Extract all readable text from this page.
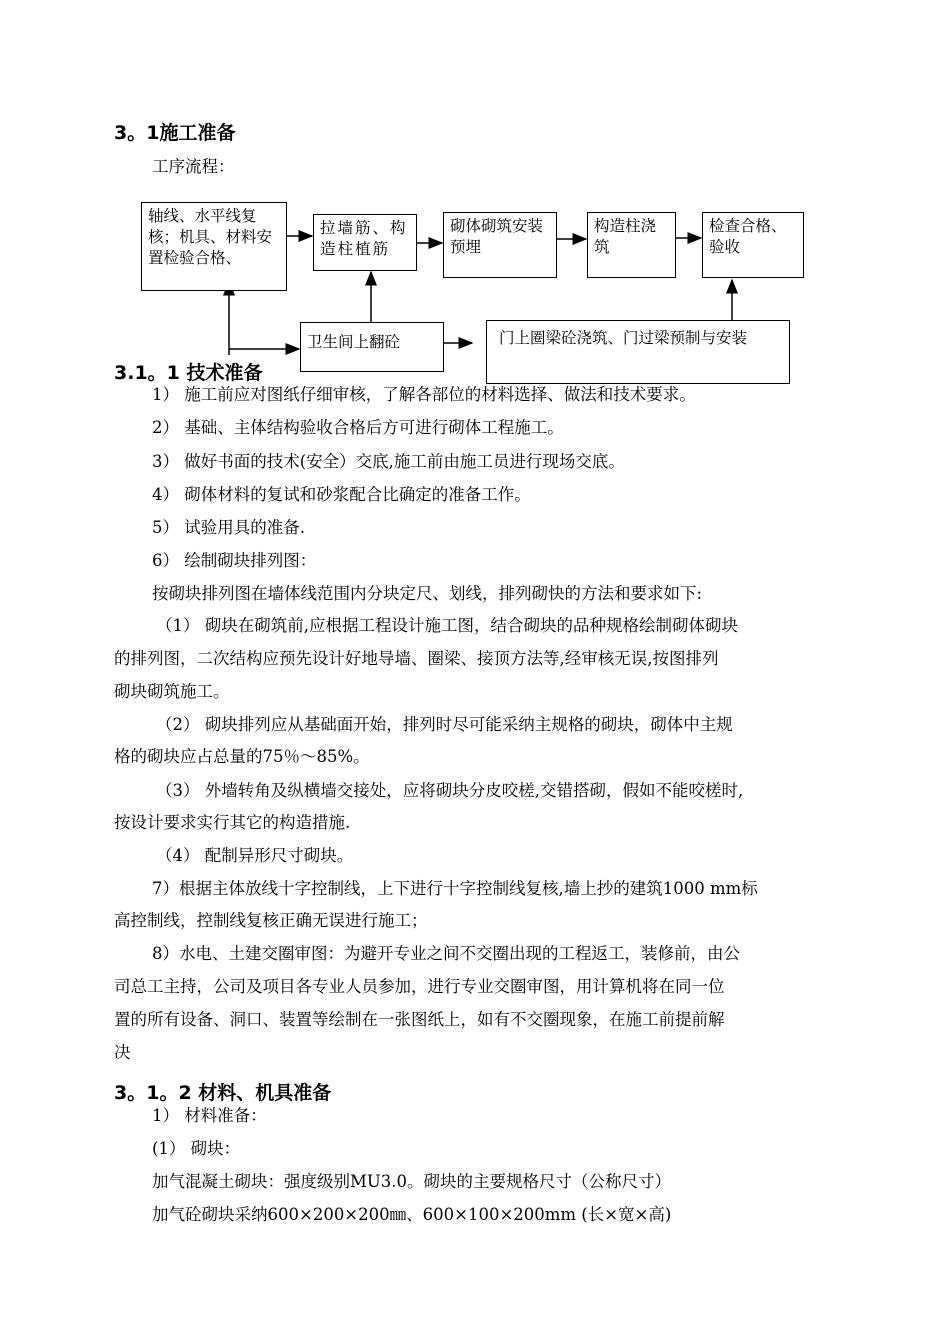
3。1施工准备
工序流程：
轴线、水平线复核；机具、材料安置检验合格、
拉墙筋、构造柱植筋
砌体砌筑安装预埋
构造柱浇筑
检查合格、验收
卫生间上翻砼	门上圈梁砼浇筑、门过梁预制与安装
3.1。1 技术准备
1） 施工前应对图纸仔细审核，了解各部位的材料选择、做法和技术要求。
2） 基础、主体结构验收合格后方可进行砌体工程施工。
3） 做好书面的技术(安全）交底,施工前由施工员进行现场交底。
4） 砌体材料的复试和砂浆配合比确定的准备工作。
5） 试验用具的准备.
6） 绘制砌块排列图：
按砌块排列图在墙体线范围内分块定尺、划线，排列砌快的方法和要求如下:
（1） 砌块在砌筑前,应根据工程设计施工图，结合砌块的品种规格绘制砌体砌块
的排列图，二次结构应预先设计好地导墙、圈梁、接顶方法等,经审核无误,按图排列
砌块砌筑施工。
（2） 砌块排列应从基础面开始，排列时尽可能采纳主规格的砌块，砌体中主规
格的砌块应占总量的75％～85%。
（3） 外墙转角及纵横墙交接处，应将砌块分皮咬槎,交错搭砌，假如不能咬槎时,
按设计要求实行其它的构造措施.
（4） 配制异形尺寸砌块。
7）根据主体放线十字控制线，上下进行十字控制线复核,墙上抄的建筑1000 mm标
高控制线，控制线复核正确无误进行施工；
8）水电、土建交圈审图：为避开专业之间不交圈出现的工程返工，装修前，由公
司总工主持，公司及项目各专业人员参加，进行专业交圈审图，用计算机将在同一位
置的所有设备、洞口、装置等绘制在一张图纸上，如有不交圈现象，在施工前提前解
决
3。1。2 材料、机具准备
1） 材料准备：
(1） 砌块：
加气混凝土砌块：强度级别MU3.0。砌块的主要规格尺寸（公称尺寸）
加气砼砌块采纳600×200×200㎜、600×100×200mm (长×宽×高)
